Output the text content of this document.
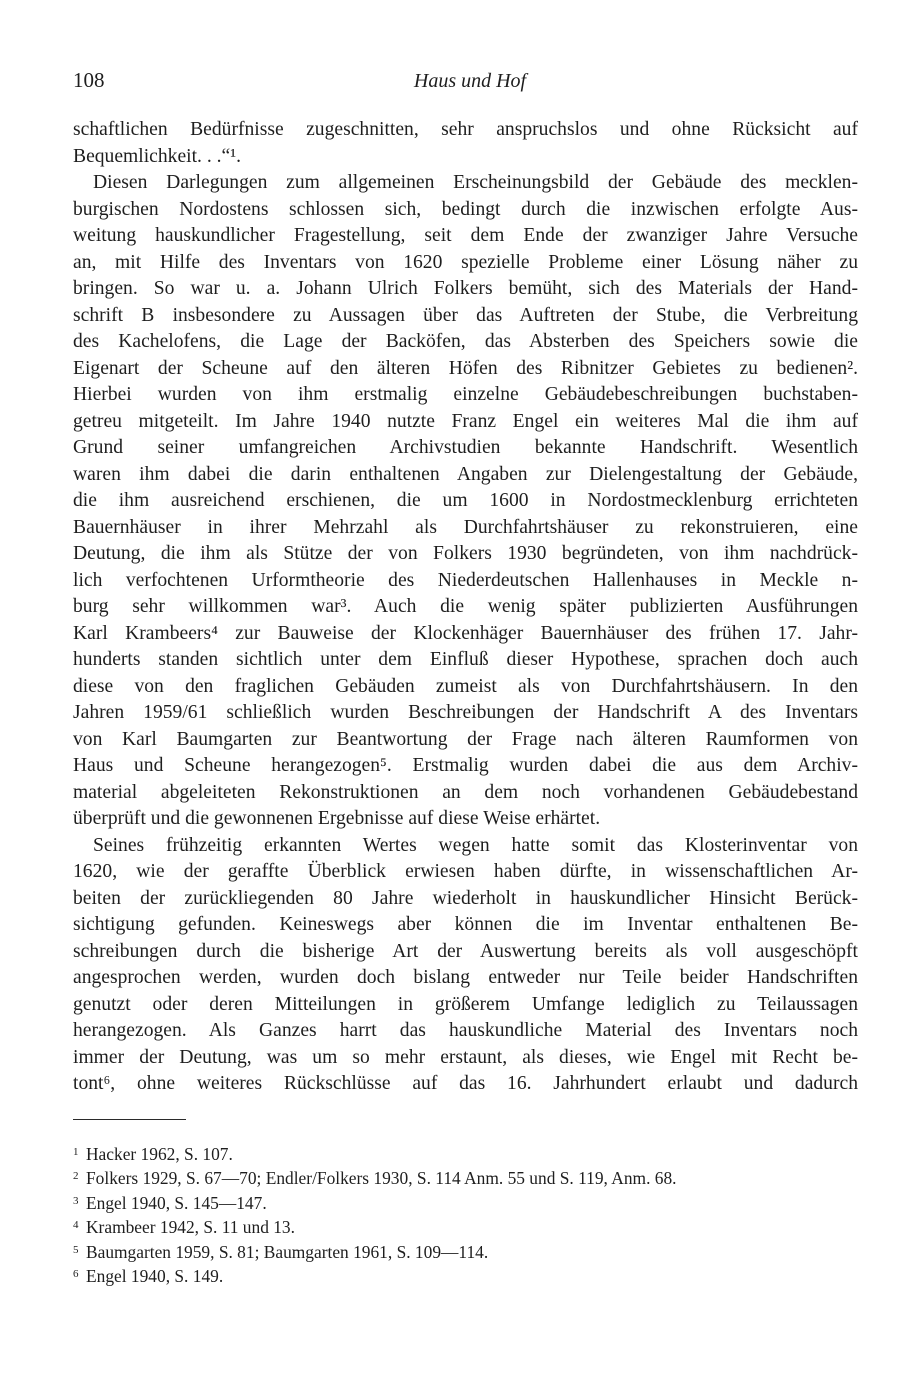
108	Haus und Hof
schaftlichen Bedürfnisse zugeschnitten, sehr anspruchslos und ohne Rücksicht auf
Bequemlichkeit. . .“¹.
Diesen Darlegungen zum allgemeinen Erscheinungsbild der Gebäude des mecklen-
burgischen Nordostens schlossen sich, bedingt durch die inzwischen erfolgte Aus-
weitung hauskundlicher Fragestellung, seit dem Ende der zwanziger Jahre Versuche
an, mit Hilfe des Inventars von 1620 spezielle Probleme einer Lösung näher zu
bringen. So war u. a. Johann Ulrich Folkers bemüht, sich des Materials der Hand-
schrift B insbesondere zu Aussagen über das Auftreten der Stube, die Verbreitung
des Kachelofens, die Lage der Backöfen, das Absterben des Speichers sowie die
Eigenart der Scheune auf den älteren Höfen des Ribnitzer Gebietes zu bedienen².
Hierbei wurden von ihm erstmalig einzelne Gebäudebeschreibungen buchstaben-
getreu mitgeteilt. Im Jahre 1940 nutzte Franz Engel ein weiteres Mal die ihm auf
Grund seiner umfangreichen Archivstudien bekannte Handschrift. Wesentlich
waren ihm dabei die darin enthaltenen Angaben zur Dielengestaltung der Gebäude,
die ihm ausreichend erschienen, die um 1600 in Nordostmecklenburg errichteten
Bauernhäuser in ihrer Mehrzahl als Durchfahrtshäuser zu rekonstruieren, eine
Deutung, die ihm als Stütze der von Folkers 1930 begründeten, von ihm nachdrück-
lich verfochtenen Urformtheorie des Niederdeutschen Hallenhauses in Meckle n-
burg sehr willkommen war³. Auch die wenig später publizierten Ausführungen
Karl Krambeers⁴ zur Bauweise der Klockenhäger Bauernhäuser des frühen 17. Jahr-
hunderts standen sichtlich unter dem Einfluß dieser Hypothese, sprachen doch auch
diese von den fraglichen Gebäuden zumeist als von Durchfahrtshäusern. In den
Jahren 1959/61 schließlich wurden Beschreibungen der Handschrift A des Inventars
von Karl Baumgarten zur Beantwortung der Frage nach älteren Raumformen von
Haus und Scheune herangezogen⁵. Erstmalig wurden dabei die aus dem Archiv-
material abgeleiteten Rekonstruktionen an dem noch vorhandenen Gebäudebestand
überprüft und die gewonnenen Ergebnisse auf diese Weise erhärtet.
Seines frühzeitig erkannten Wertes wegen hatte somit das Klosterinventar von
1620, wie der geraffte Überblick erwiesen haben dürfte, in wissenschaftlichen Ar-
beiten der zurückliegenden 80 Jahre wiederholt in hauskundlicher Hinsicht Berück-
sichtigung gefunden. Keineswegs aber können die im Inventar enthaltenen Be-
schreibungen durch die bisherige Art der Auswertung bereits als voll ausgeschöpft
angesprochen werden, wurden doch bislang entweder nur Teile beider Handschriften
genutzt oder deren Mitteilungen in größerem Umfange lediglich zu Teilaussagen
herangezogen. Als Ganzes harrt das hauskundliche Material des Inventars noch
immer der Deutung, was um so mehr erstaunt, als dieses, wie Engel mit Recht be-
tont⁶, ohne weiteres Rückschlüsse auf das 16. Jahrhundert erlaubt und dadurch
1 Hacker 1962, S. 107.
2 Folkers 1929, S. 67—70; Endler/Folkers 1930, S. 114 Anm. 55 und S. 119, Anm. 68.
3 Engel 1940, S. 145—147.
4 Krambeer 1942, S. 11 und 13.
5 Baumgarten 1959, S. 81; Baumgarten 1961, S. 109—114.
6 Engel 1940, S. 149.
